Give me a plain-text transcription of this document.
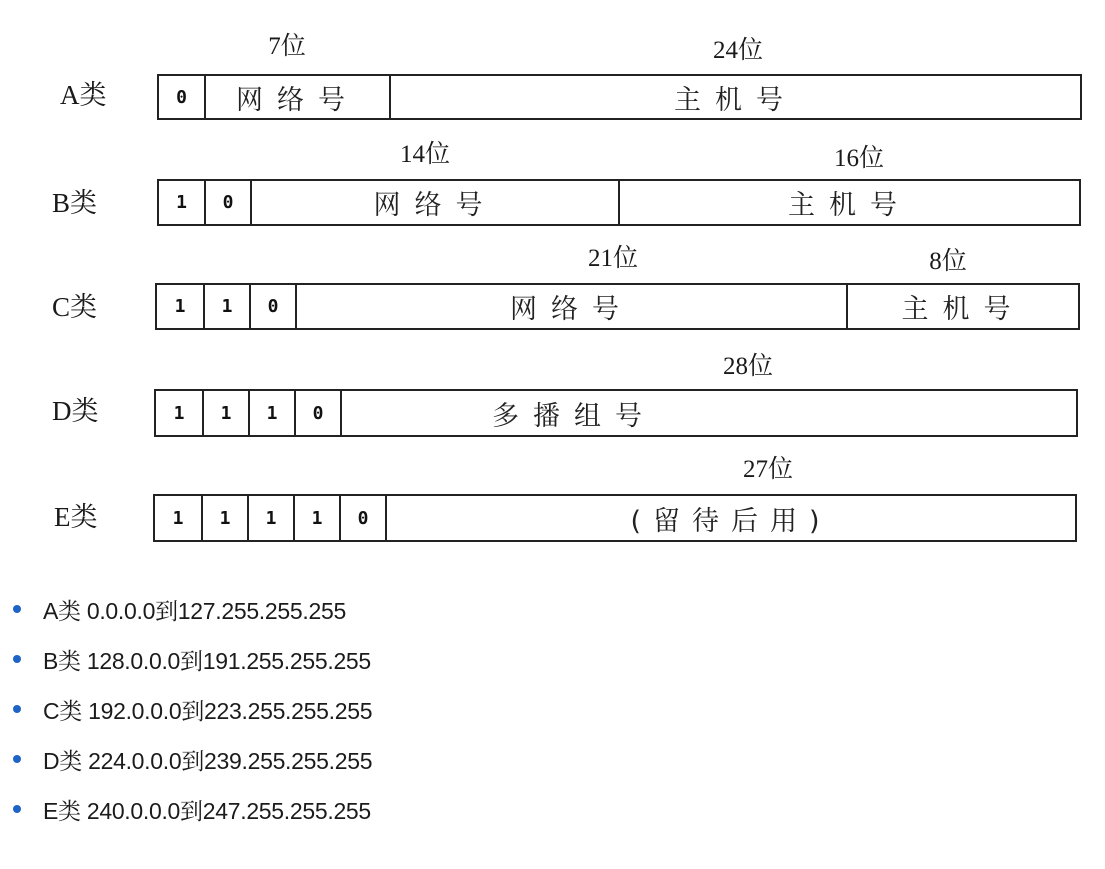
A类
7位	24位
0	网络号	主机号
B类
14位	16位
1	0	网络号	主机号
C类
21位	8位
1	1	0	网络号	主机号
D类
28位
1	1	1	0	多播组号
E类
27位
1	1	1	1	0	(留待后用)
A类 0.0.0.0到127.255.255.255
B类 128.0.0.0到191.255.255.255
C类 192.0.0.0到223.255.255.255
D类 224.0.0.0到239.255.255.255
E类 240.0.0.0到247.255.255.255
